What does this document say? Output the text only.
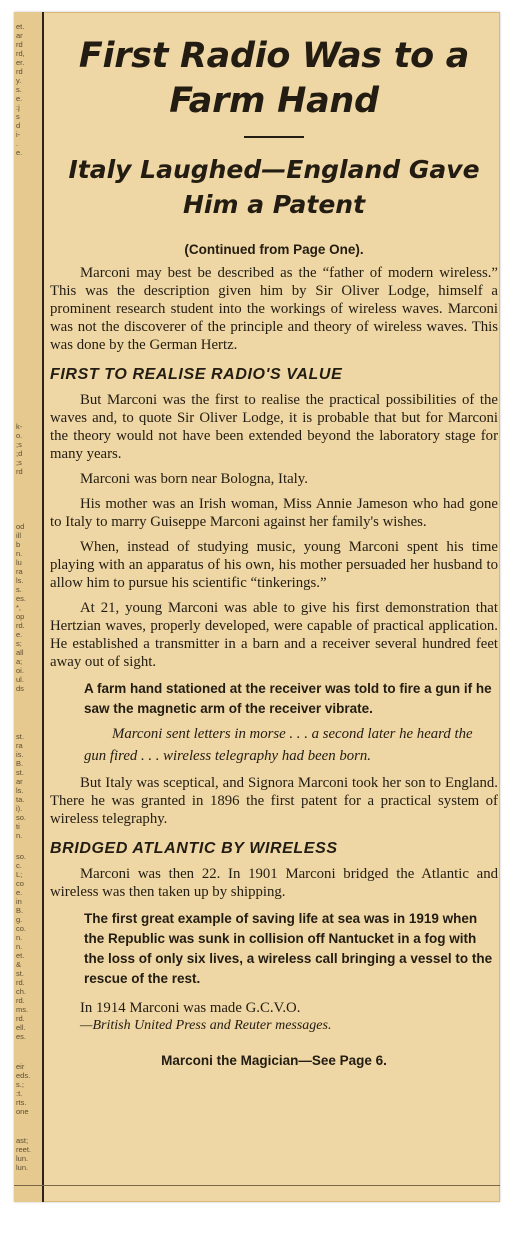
et.
ar
rd
rd,
er.
rd
y.
s.
e.
:j
s
d
i-
.
e.
k-
o.
;s
;d
;s
rd
od
ill
b
n.
lu
ra
ls.
s.
es.
*,
op
rd.
e.
s;
all
a;
oi.
ul.
ds
st.
ra
is.
B.
st.
ar
ls.
ta.
i).
so.
ti
n.
so.
c.
L;
co
e.
in
B.
g.
co.
n.
n.
et.
&
st.
rd.
ch.
rd.
ms.
rd.
ell.
es.
eir
eds.
s.;
:t.
rts.
one
ast;
reet.
lun.
lun.
First Radio Was to a Farm Hand
Italy Laughed—England Gave Him a Patent
(Continued from Page One).

Marconi may best be described as the “father of modern wireless.” This was the description given him by Sir Oliver Lodge, himself a prominent research student into the workings of wireless waves. Marconi was not the discoverer of the principle and theory of wireless waves. This was done by the German Hertz.

FIRST TO REALISE RADIO'S VALUE

But Marconi was the first to realise the practical possibilities of the waves and, to quote Sir Oliver Lodge, it is probable that but for Marconi the theory would not have been extended beyond the laboratory stage for many years.

Marconi was born near Bologna, Italy.

His mother was an Irish woman, Miss Annie Jameson who had gone to Italy to marry Guiseppe Marconi against her family's wishes.

When, instead of studying music, young Marconi spent his time playing with an apparatus of his own, his mother persuaded her husband to allow him to pursue his scientific “tinkerings.”

At 21, young Marconi was able to give his first demonstration that Hertzian waves, properly developed, were capable of practical application. He established a transmitter in a barn and a receiver several hundred feet away out of sight.

A farm hand stationed at the receiver was told to fire a gun if he saw the magnetic arm of the receiver vibrate.
Marconi sent letters in morse . . . a second later he heard the gun fired . . . wireless telegraphy had been born.

But Italy was sceptical, and Signora Marconi took her son to England. There he was granted in 1896 the first patent for a practical system of wireless telegraphy.

BRIDGED ATLANTIC BY WIRELESS

Marconi was then 22. In 1901 Marconi bridged the Atlantic and wireless was then taken up by shipping.

The first great example of saving life at sea was in 1919 when the Republic was sunk in collision off Nantucket in a fog with the loss of only six lives, a wireless call bringing a vessel to the rescue of the rest.

In 1914 Marconi was made G.C.V.O.

—British United Press and Reuter messages.

Marconi the Magician—See Page 6.
